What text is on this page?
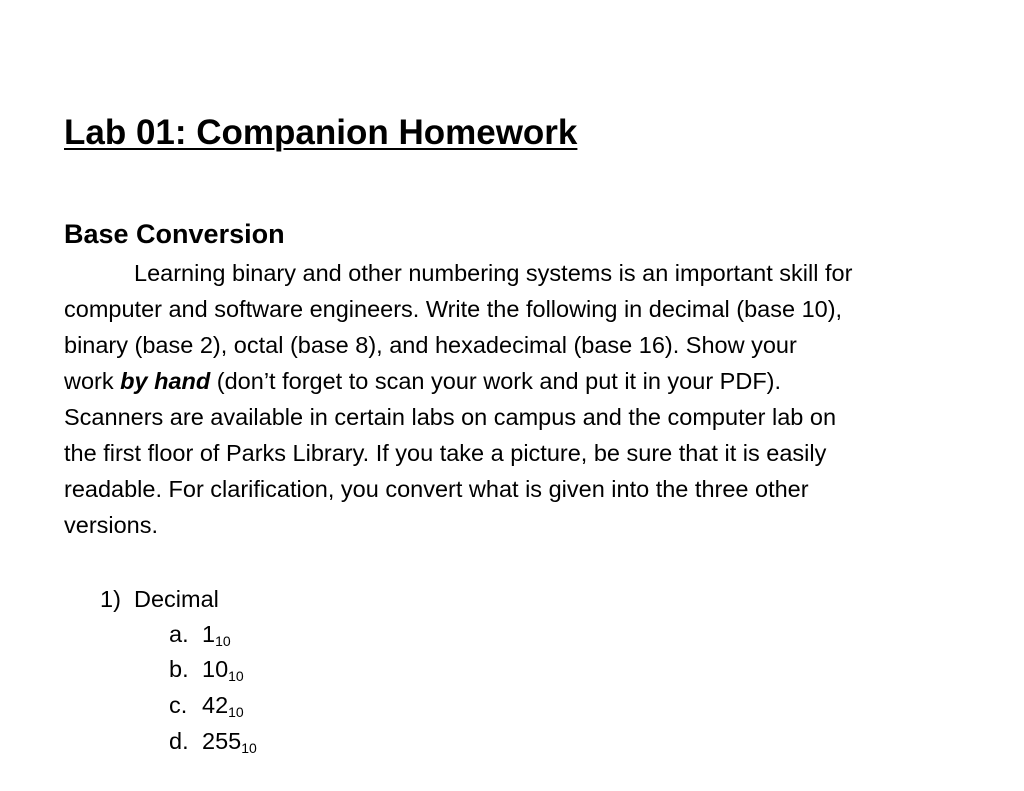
Lab 01: Companion Homework
Base Conversion

Learning binary and other numbering systems is an important skill for
computer and software engineers. Write the following in decimal (base 10),
binary (base 2), octal (base 8), and hexadecimal (base 16). Show your
work by hand (don’t forget to scan your work and put it in your PDF).
Scanners are available in certain labs on campus and the computer lab on
the first floor of Parks Library. If you take a picture, be sure that it is easily
readable. For clarification, you convert what is given into the three other
versions.

1) Decimal
a. 110
b. 1010
c. 4210
d. 25510
